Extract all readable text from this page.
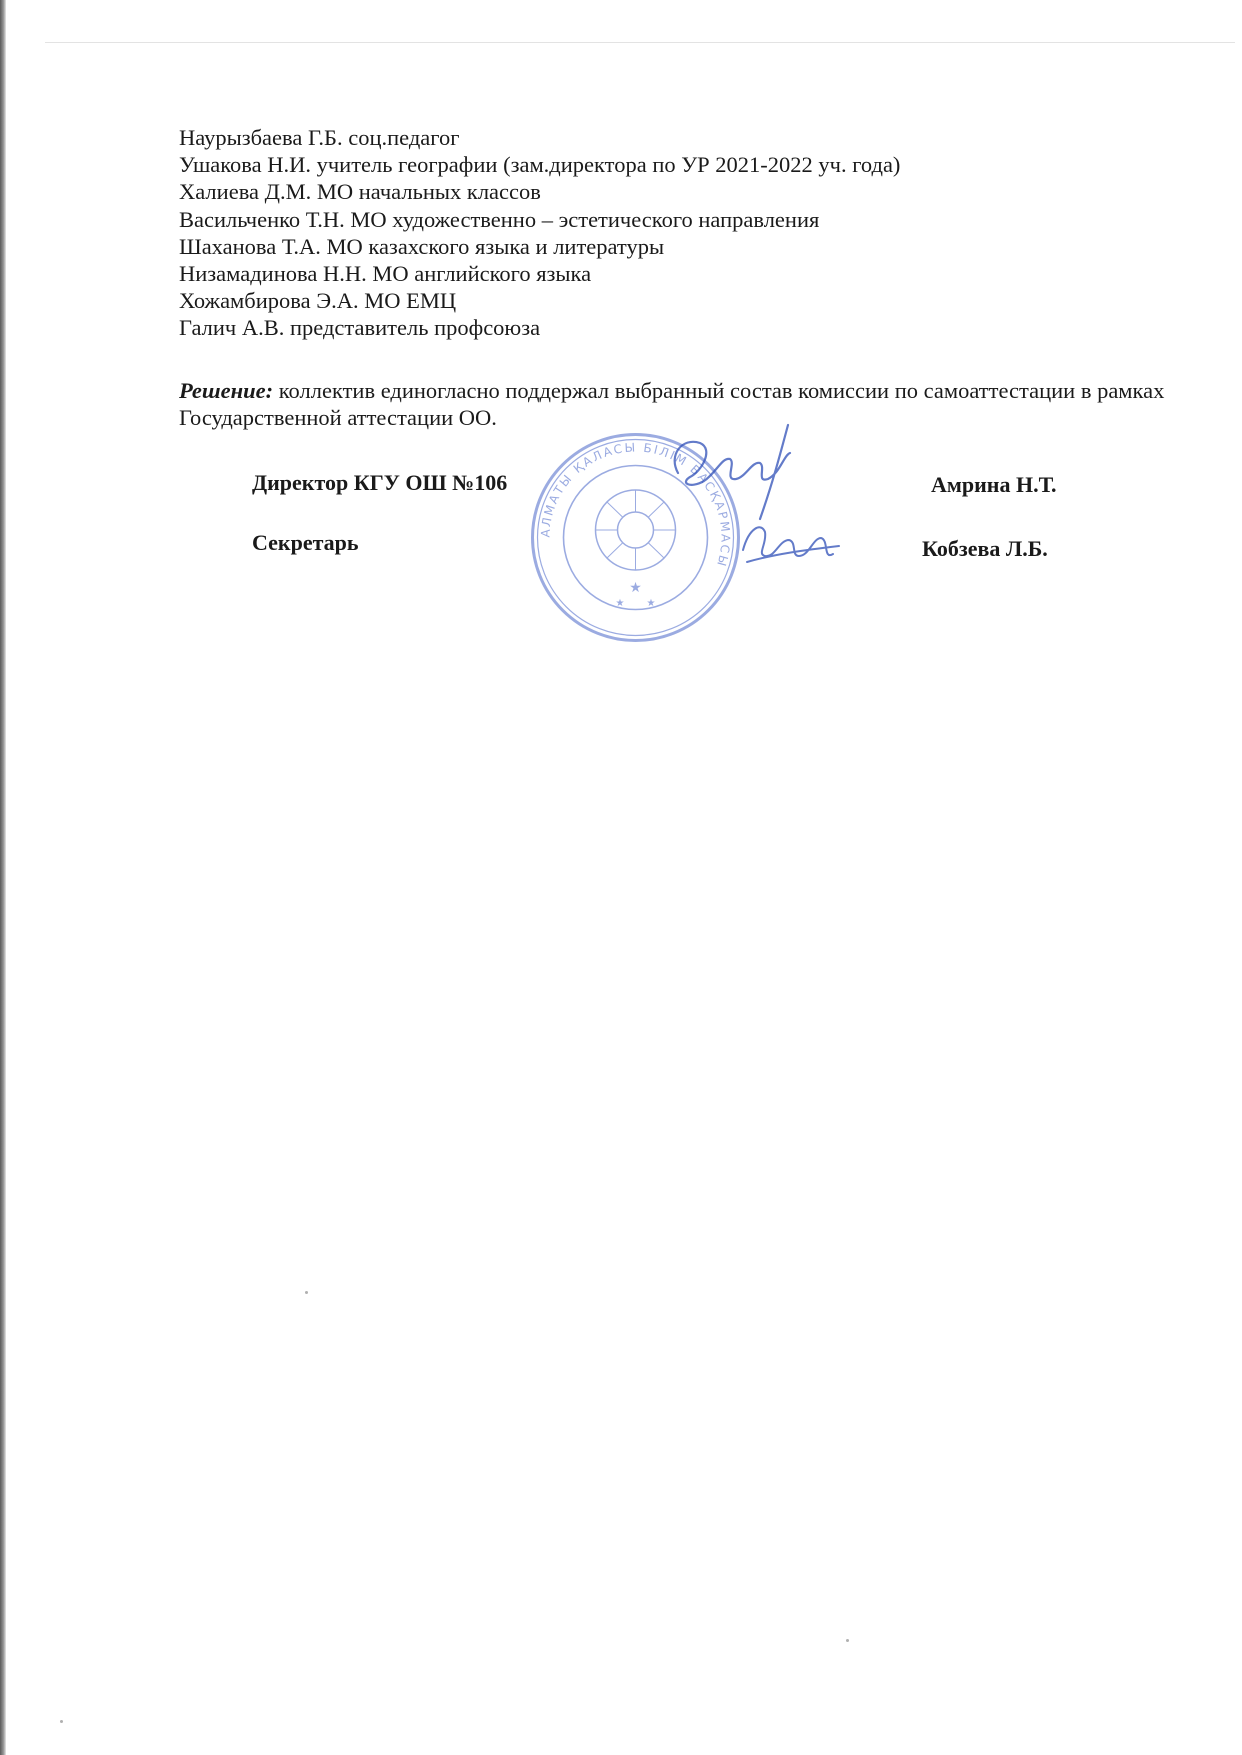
Наурызбаева Г.Б. соц.педагог
Ушакова Н.И. учитель географии (зам.директора по УР 2021-2022 уч. года)
Халиева Д.М. МО начальных классов
Васильченко Т.Н. МО художественно – эстетического направления
Шаханова Т.А. МО казахского языка и литературы
Низамадинова Н.Н. МО английского языка
Хожамбирова Э.А. МО ЕМЦ
Галич А.В. представитель профсоюза

Решение: коллектив единогласно поддержал выбранный состав комиссии по самоаттестации в рамках Государственной аттестации ОО.

АЛМАТЫ ҚАЛАСЫ БІЛІМ БАСҚАРМАСЫ
★
★ ★
Директор КГУ ОШ №106	Амрина Н.Т.
Секретарь	Кобзева Л.Б.
